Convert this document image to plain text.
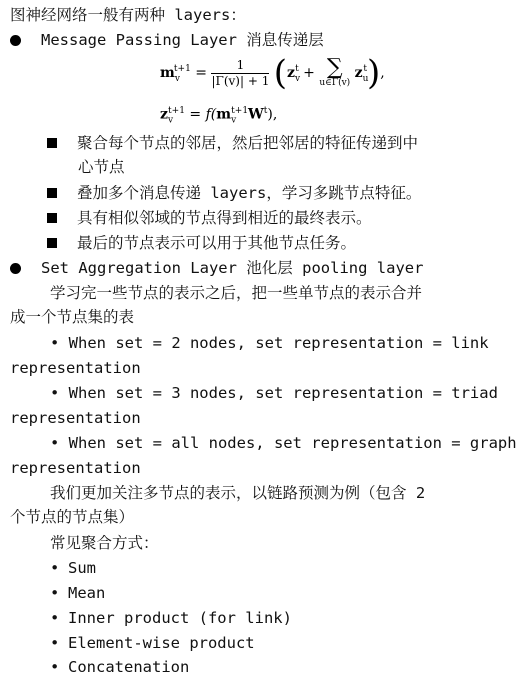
图神经网络一般有两种 layers：
Message Passing Layer 消息传递层
$m_v^{t+1} = \frac{1}{|\Gamma(v)| + 1} (z_v^t$ + ∑
u∈Γ(v)
$z_u^t$),
$z_v^{t+1} = f(m_v^{t+1}W^t)$,
聚合每个节点的邻居，然后把邻居的特征传递到中
心节点
叠加多个消息传递 layers，学习多跳节点特征。
具有相似邻域的节点得到相近的最终表示。
最后的节点表示可以用于其他节点任务。
Set Aggregation Layer 池化层 pooling layer
学习完一些节点的表示之后，把一些单节点的表示合并
成一个节点集的表
• When set = 2 nodes, set representation = link
representation
• When set = 3 nodes, set representation = triad
representation
• When set = all nodes, set representation = graph
representation
我们更加关注多节点的表示，以链路预测为例（包含 2
个节点的节点集）
常见聚合方式：
• Sum
• Mean
• Inner product (for link)
• Element-wise product
• Concatenation
